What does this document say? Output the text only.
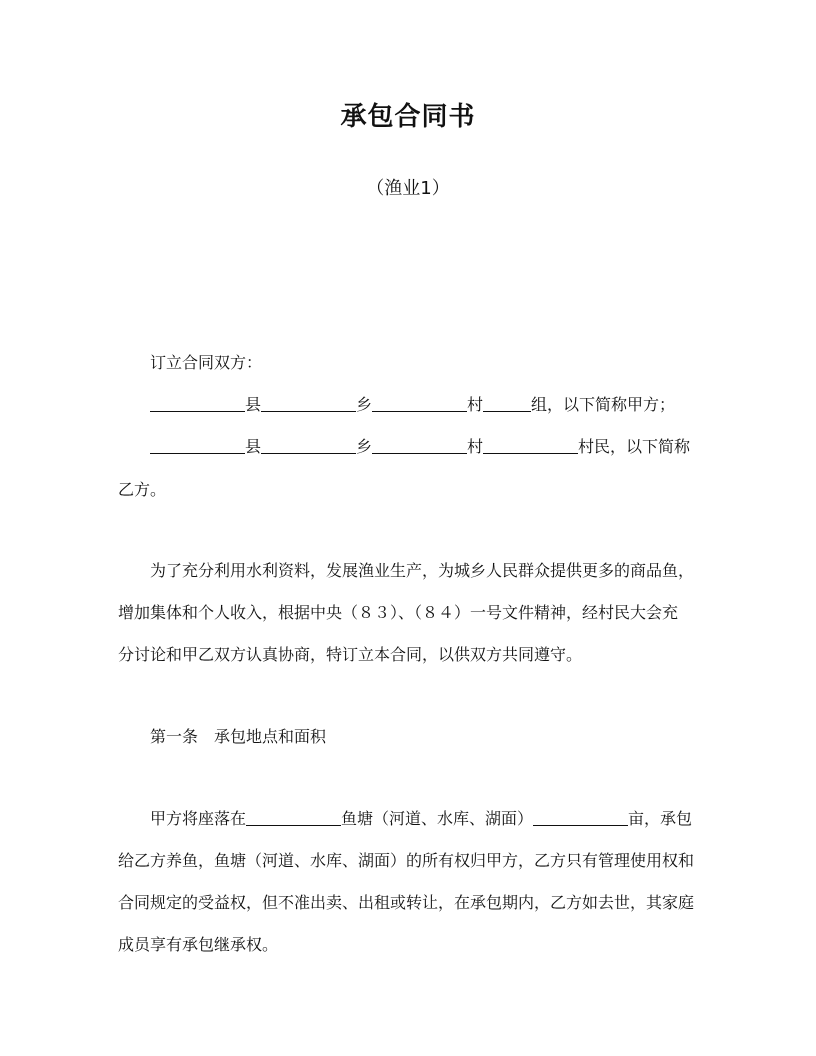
承包合同书
（渔业1）
订立合同双方：
县	乡	村	组，以下简称甲方；
县	乡	村	村民，以下简称
乙方。
为了充分利用水利资料，发展渔业生产，为城乡人民群众提供更多的商品鱼，
增加集体和个人收入，根据中央（８３）、（８４）一号文件精神，经村民大会充
分讨论和甲乙双方认真协商，特订立本合同，以供双方共同遵守。
第一条 承包地点和面积
甲方将座落在	鱼塘（河道、水库、湖面）	亩，承包
给乙方养鱼，鱼塘（河道、水库、湖面）的所有权归甲方，乙方只有管理使用权和
合同规定的受益权，但不准出卖、出租或转让，在承包期内，乙方如去世，其家庭
成员享有承包继承权。
